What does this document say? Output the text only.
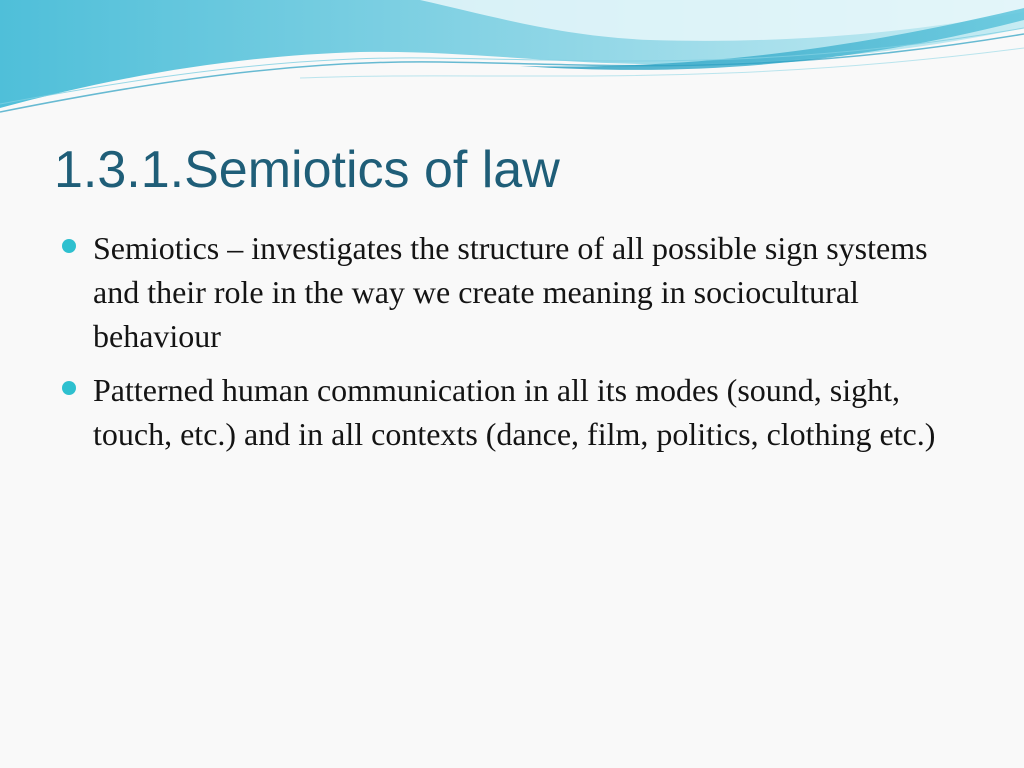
1.3.1.Semiotics of law
Semiotics – investigates the structure of all possible sign systems and their role in the way we create meaning in sociocultural behaviour
Patterned human communication in all its modes (sound, sight, touch, etc.) and in all contexts (dance, film, politics, clothing etc.)
